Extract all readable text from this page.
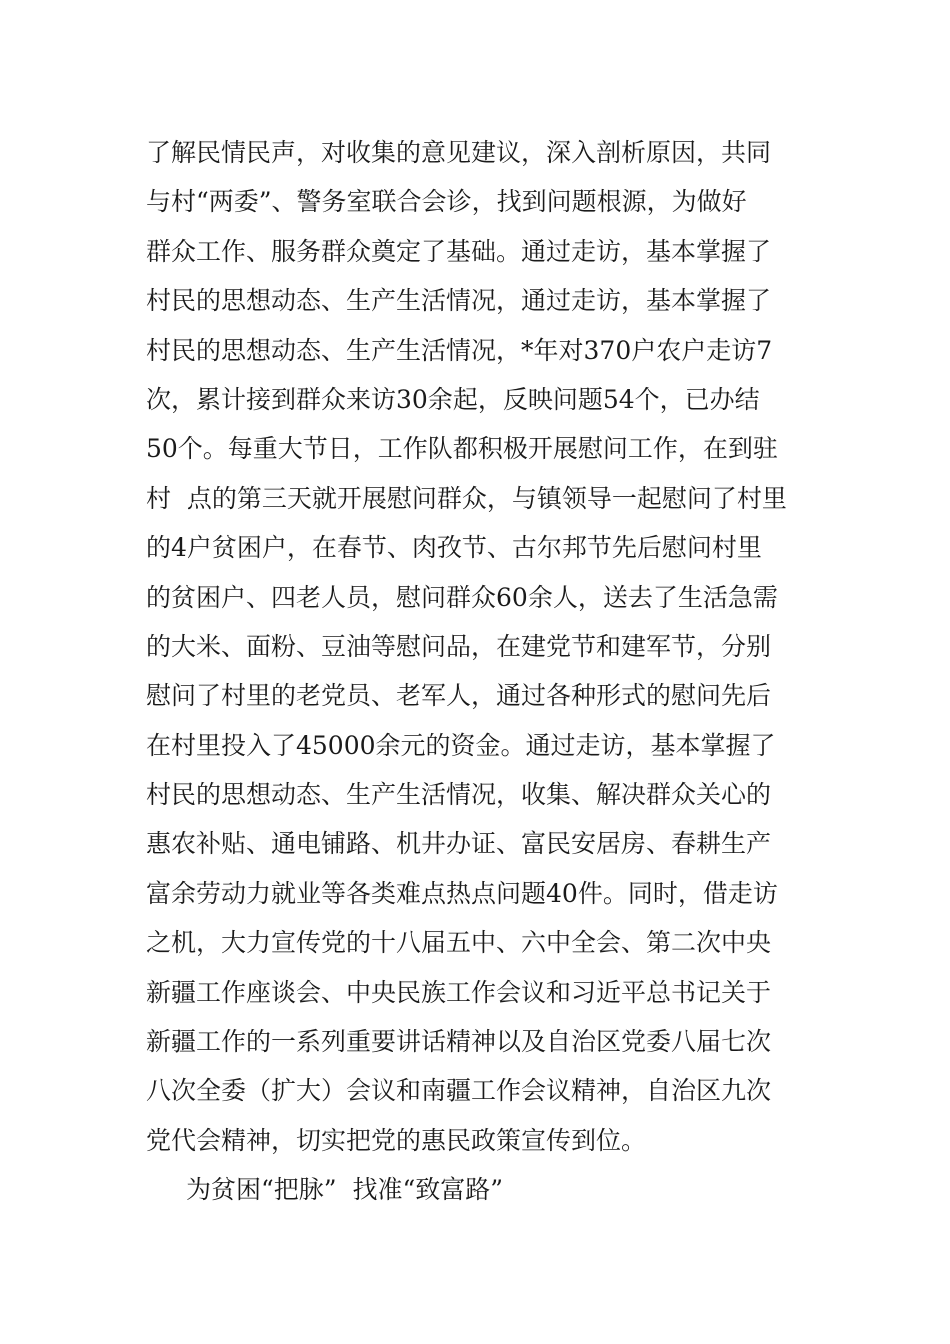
了解民情民声，对收集的意见建议，深入剖析原因，共同
与村“两委”、警务室联合会诊，找到问题根源，为做好
群众工作、服务群众奠定了基础。通过走访，基本掌握了
村民的思想动态、生产生活情况，通过走访，基本掌握了
村民的思想动态、生产生活情况，*年对370户农户走访7
次，累计接到群众来访30余起，反映问题54个，已办结
50个。每重大节日，工作队都积极开展慰问工作，在到驻
村  点的第三天就开展慰问群众，与镇领导一起慰问了村里
的4户贫困户，在春节、肉孜节、古尔邦节先后慰问村里
的贫困户、四老人员，慰问群众60余人，送去了生活急需
的大米、面粉、豆油等慰问品，在建党节和建军节，分别
慰问了村里的老党员、老军人，通过各种形式的慰问先后
在村里投入了45000余元的资金。通过走访，基本掌握了
村民的思想动态、生产生活情况，收集、解决群众关心的
惠农补贴、通电铺路、机井办证、富民安居房、春耕生产
富余劳动力就业等各类难点热点问题40件。同时，借走访
之机，大力宣传党的十八届五中、六中全会、第二次中央
新疆工作座谈会、中央民族工作会议和习近平总书记关于
新疆工作的一系列重要讲话精神以及自治区党委八届七次
八次全委（扩大）会议和南疆工作会议精神，自治区九次
党代会精神，切实把党的惠民政策宣传到位。
为贫困“把脉”  找准“致富路”
